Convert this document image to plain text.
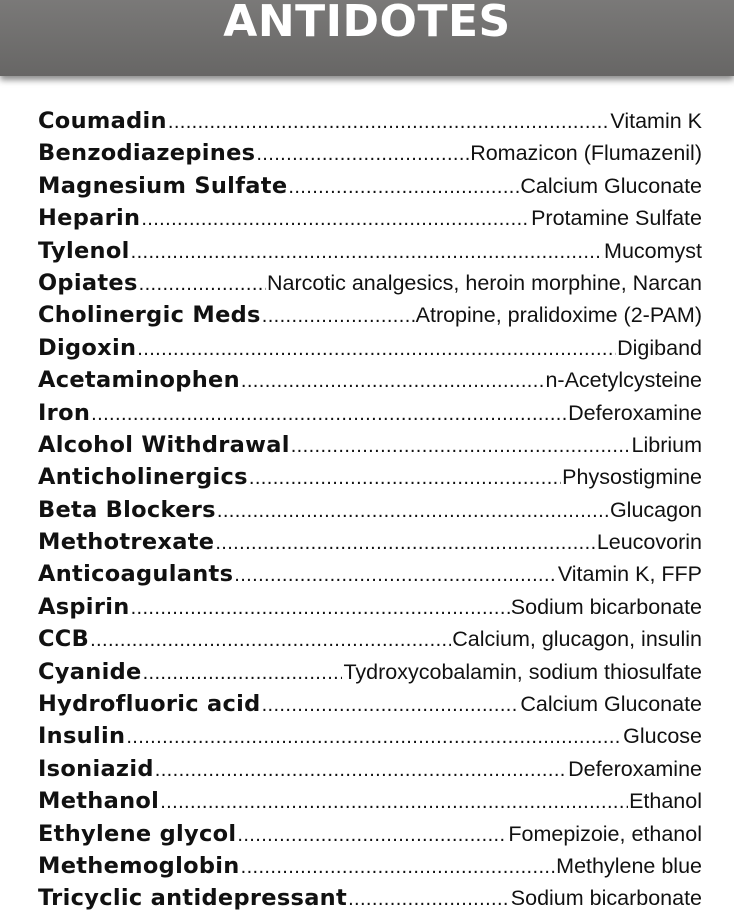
ANTIDOTES
Coumadin .....	Vitamin K
Benzodiazepines .....	Romazicon (Flumazenil)
Magnesium Sulfate .....	Calcium Gluconate
Heparin .....	Protamine Sulfate
Tylenol .....	Mucomyst
Opiates .....	Narcotic analgesics, heroin morphine, Narcan
Cholinergic Meds .....	Atropine, pralidoxime (2-PAM)
Digoxin .....	Digiband
Acetaminophen .....	n-Acetylcysteine
Iron .....	Deferoxamine
Alcohol Withdrawal .....	Librium
Anticholinergics .....	Physostigmine
Beta Blockers .....	Glucagon
Methotrexate .....	Leucovorin
Anticoagulants .....	Vitamin K, FFP
Aspirin .....	Sodium bicarbonate
CCB .....	Calcium, glucagon, insulin
Cyanide .....	Tydroxycobalamin, sodium thiosulfate
Hydrofluoric acid .....	Calcium Gluconate
Insulin .....	Glucose
Isoniazid .....	Deferoxamine
Methanol .....	Ethanol
Ethylene glycol .....	Fomepizoie, ethanol
Methemoglobin .....	Methylene blue
Tricyclic antidepressant .....	Sodium bicarbonate
